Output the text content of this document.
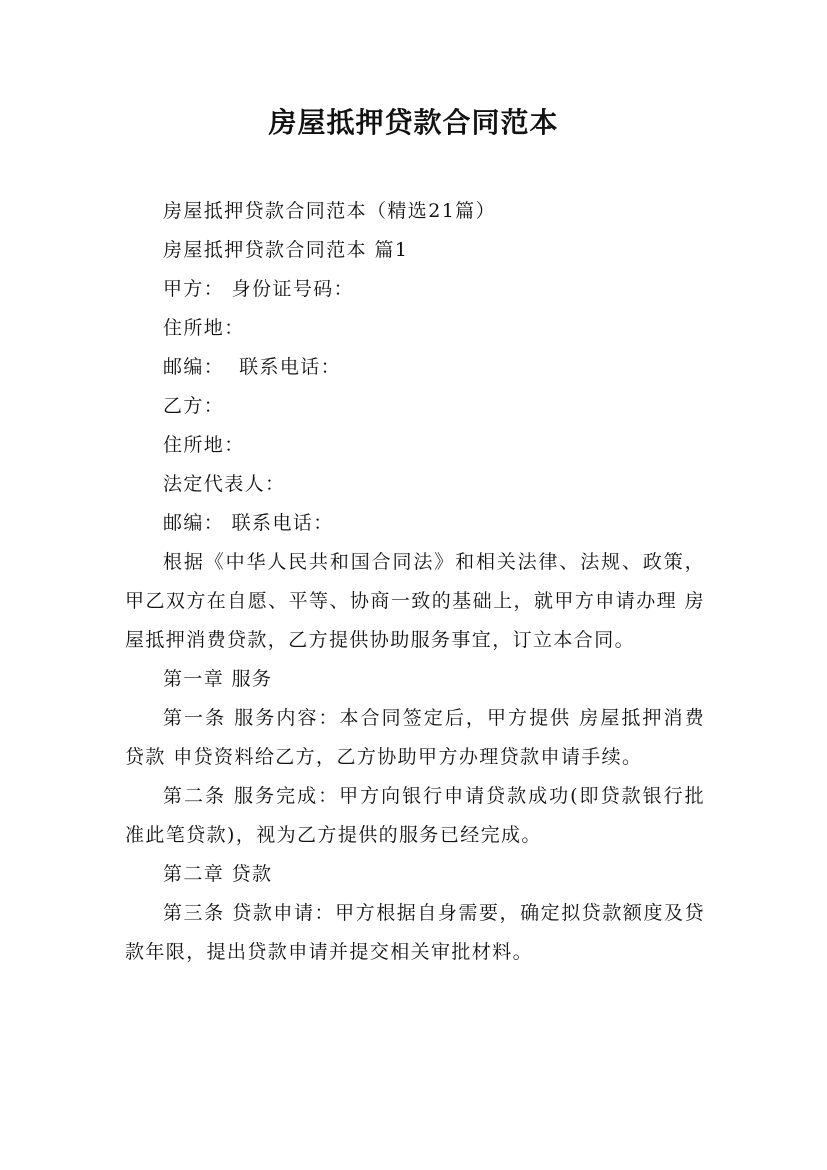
房屋抵押贷款合同范本

房屋抵押贷款合同范本（精选21篇）

房屋抵押贷款合同范本 篇1

甲方： 身份证号码：

住所地：

邮编：  联系电话：

乙方：

住所地：

法定代表人：

邮编： 联系电话：

根据《中华人民共和国合同法》和相关法律、法规、政策，甲乙双方在自愿、平等、协商一致的基础上，就甲方申请办理 房屋抵押消费贷款，乙方提供协助服务事宜，订立本合同。

第一章 服务

第一条 服务内容：本合同签定后，甲方提供 房屋抵押消费贷款 申贷资料给乙方，乙方协助甲方办理贷款申请手续。

第二条 服务完成：甲方向银行申请贷款成功(即贷款银行批准此笔贷款)，视为乙方提供的服务已经完成。

第二章 贷款

第三条 贷款申请：甲方根据自身需要，确定拟贷款额度及贷款年限，提出贷款申请并提交相关审批材料。
